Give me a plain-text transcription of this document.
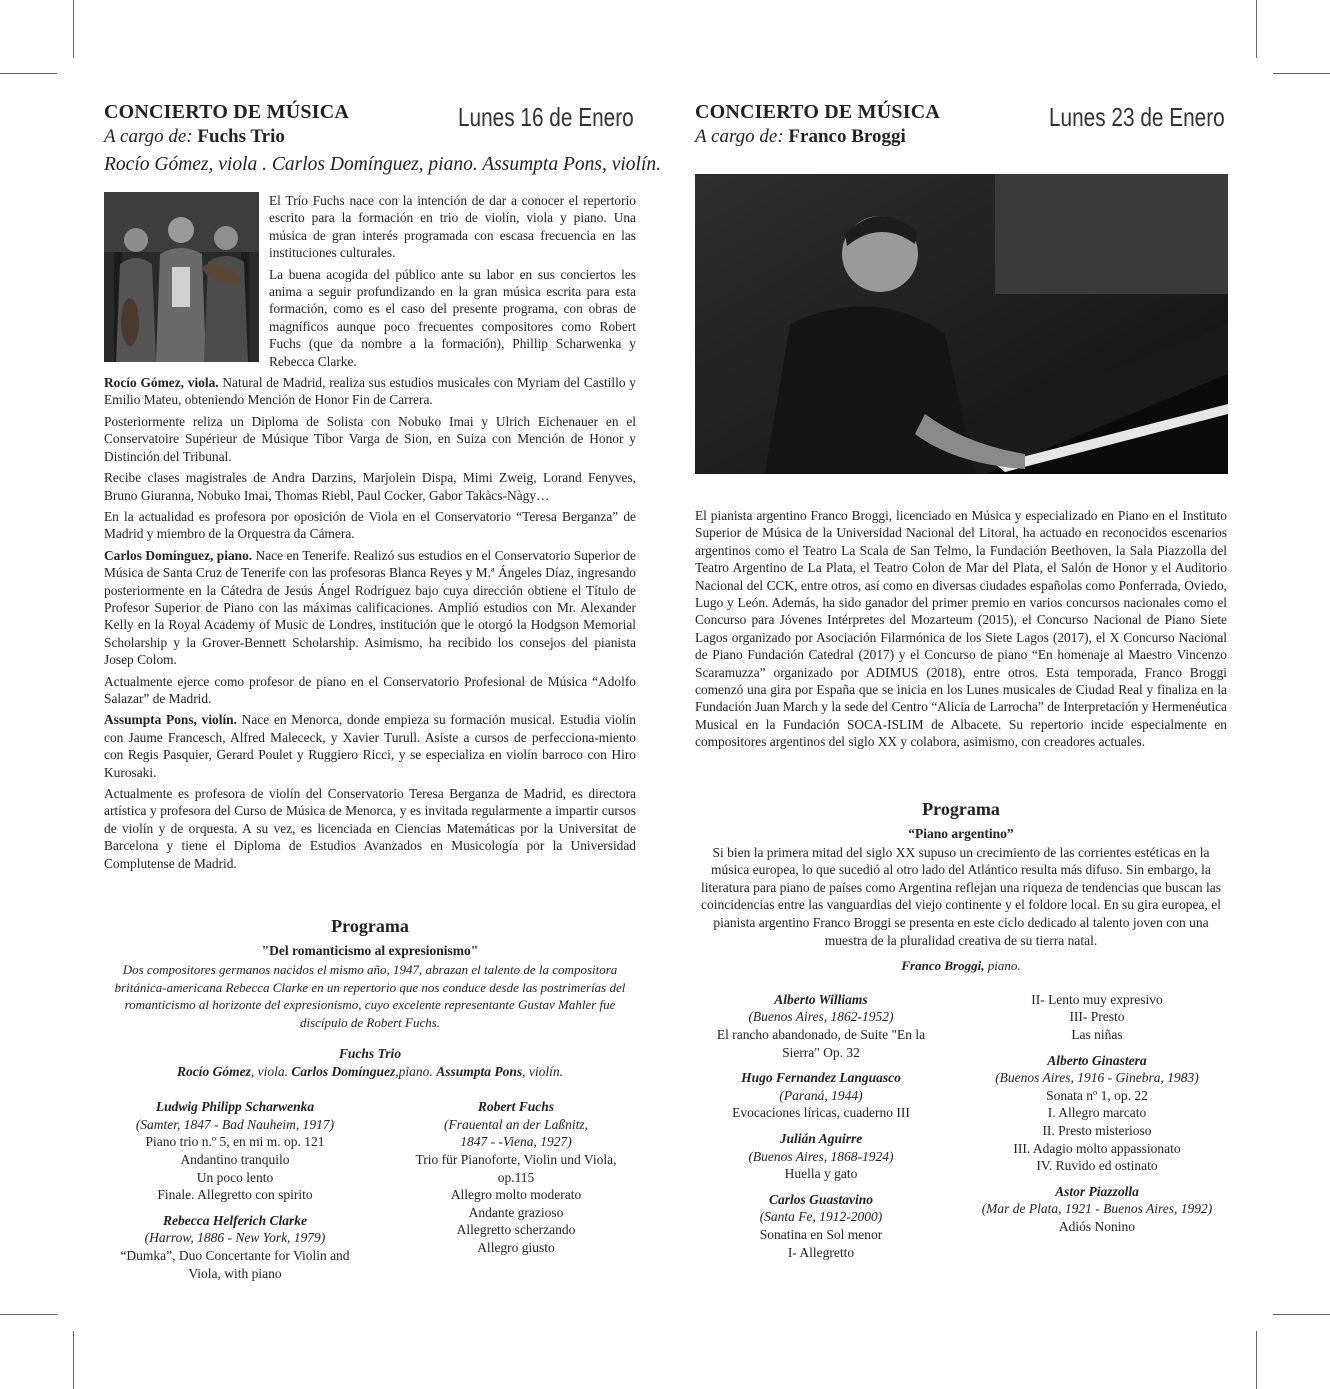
CONCIERTO DE MÚSICA
A cargo de: Fuchs Trio
Lunes 16 de Enero
Rocío Gómez, viola . Carlos Domínguez, piano. Assumpta Pons, violín.

El Trío Fuchs nace con la intención de dar a conocer el repertorio escrito para la formación en trio de violín, viola y piano. Una música de gran interés programada con escasa frecuencia en las instituciones culturales.

La buena acogida del público ante su labor en sus conciertos les anima a seguir profundizando en la gran música escrita para esta formación, como es el caso del presente programa, con obras de magníficos aunque poco frecuentes compositores como Robert Fuchs (que da nombre a la formación), Phillip Scharwenka y Rebecca Clarke.

Rocío Gómez, viola. Natural de Madrid, realiza sus estudios musicales con Myriam del Castillo y Emilio Mateu, obteniendo Mención de Honor Fin de Carrera.

Posteriormente reliza un Diploma de Solista con Nobuko Imai y Ulrich Eichenauer en el Conservatoire Supérieur de Músique Tibor Varga de Sion, en Suiza con Mención de Honor y Distinción del Tribunal.

Recibe clases magistrales de Andra Darzins, Marjolein Dispa, Mimi Zweig, Lorand Fenyves, Bruno Giuranna, Nobuko Imai, Thomas Riebl, Paul Cocker, Gabor Takàcs-Nàgy…

En la actualidad es profesora por oposición de Viola en el Conservatorio “Teresa Berganza” de Madrid y miembro de la Orquestra da Cámera.

Carlos Domínguez, piano. Nace en Tenerife. Realizó sus estudios en el Conservatorio Superior de Música de Santa Cruz de Tenerife con las profesoras Blanca Reyes y M.ª Ángeles Díaz, ingresando posteriormente en la Cátedra de Jesús Ángel Rodríguez bajo cuya dirección obtiene el Título de Profesor Superior de Piano con las máximas calificaciones. Amplió estudios con Mr. Alexander Kelly en la Royal Academy of Music de Londres, institución que le otorgó la Hodgson Memorial Scholarship y la Grover-Bennett Scholarship. Asimismo, ha recibido los consejos del pianista Josep Colom.

Actualmente ejerce como profesor de piano en el Conservatorio Profesional de Música “Adolfo Salazar” de Madrid.

Assumpta Pons, violín. Nace en Menorca, donde empieza su formación musical. Estudia violín con Jaume Francesch, Alfred Malececk, y Xavier Turull. Asiste a cursos de perfecciona-miento con Regis Pasquier, Gerard Poulet y Ruggiero Ricci, y se especializa en violín barroco con Hiro Kurosaki.

Actualmente es profesora de violín del Conservatorio Teresa Berganza de Madrid, es directora artística y profesora del Curso de Música de Menorca, y es invitada regularmente a impartir cursos de violín y de orquesta. A su vez, es licenciada en Ciencias Matemáticas por la Universitat de Barcelona y tiene el Diploma de Estudios Avanzados en Musicología por la Universidad Complutense de Madrid.

Programa
"Del romanticismo al expresionismo"

Dos compositores germanos nacidos el mismo año, 1947, abrazan el talento de la compositora británica-americana Rebecca Clarke en un repertorio que nos conduce desde las postrimerías del romanticismo al horizonte del expresionismo, cuyo excelente representante Gustav Mahler fue discípulo de Robert Fuchs.

Fuchs Trio
Rocío Gómez, viola. Carlos Domínguez,piano. Assumpta Pons, violín.
Ludwig Philipp Scharwenka
(Samter, 1847 - Bad Nauheim, 1917)
Piano trio n.º 5, en mi m. op. 121
Andantino tranquilo
Un poco lento
Finale. Allegretto con spirito
Rebecca Helferich Clarke
(Harrow, 1886 - New York, 1979)
“Dumka”, Duo Concertante for Violin and
Viola, with piano
Robert Fuchs
(Frauental an der Laßnitz,
1847 - -Viena, 1927)
Trio für Pianoforte, Violin und Viola,
op.115
Allegro molto moderato
Andante grazioso
Allegretto scherzando
Allegro giusto
CONCIERTO DE MÚSICA
A cargo de: Franco Broggi
Lunes 23 de Enero

El pianista argentino Franco Broggi, licenciado en Música y especializado en Piano en el Instituto Superior de Música de la Universidad Nacional del Litoral, ha actuado en reconocidos escenarios argentinos como el Teatro La Scala de San Telmo, la Fundación Beethoven, la Sala Piazzolla del Teatro Argentino de La Plata, el Teatro Colon de Mar del Plata, el Salón de Honor y el Auditorio Nacional del CCK, entre otros, así como en diversas ciudades españolas como Ponferrada, Oviedo, Lugo y León. Además, ha sido ganador del primer premio en varios concursos nacionales como el Concurso para Jóvenes Intérpretes del Mozarteum (2015), el Concurso Nacional de Piano Siete Lagos organizado por Asociación Filarmónica de los Siete Lagos (2017), el X Concurso Nacional de Piano Fundación Catedral (2017) y el Concurso de piano “En homenaje al Maestro Vincenzo Scaramuzza” organizado por ADIMUS (2018), entre otros. Esta temporada, Franco Broggi comenzó una gira por España que se inicia en los Lunes musicales de Ciudad Real y finaliza en la Fundación Juan March y la sede del Centro “Alicia de Larrocha” de Interpretación y Hermenéutica Musical en la Fundación SOCA-ISLIM de Albacete. Su repertorio incide especialmente en compositores argentinos del siglo XX y colabora, asimismo, con creadores actuales.

Programa
“Piano argentino”

Si bien la primera mitad del siglo XX supuso un crecimiento de las corrientes estéticas en la música europea, lo que sucedió al otro lado del Atlántico resulta más difuso. Sin embargo, la literatura para piano de países como Argentina reflejan una riqueza de tendencias que buscan las coincidencias entre las vanguardias del viejo continente y el foldore local. En su gira europea, el pianista argentino Franco Broggi se presenta en este ciclo dedicado al talento joven con una muestra de la pluralidad creativa de su tierra natal.

Franco Broggi, piano.
Alberto Williams
(Buenos Aires, 1862-1952)
El rancho abandonado, de Suite "En la
Sierra" Op. 32
Hugo Fernandez Languasco
(Paraná, 1944)
Evocaciones líricas, cuaderno III
Julián Aguirre
(Buenos Aires, 1868-1924)
Huella y gato
Carlos Guastavino
(Santa Fe, 1912-2000)
Sonatina en Sol menor
I- Allegretto
II- Lento muy expresivo
III- Presto
Las niñas
Alberto Ginastera
(Buenos Aires, 1916 - Ginebra, 1983)
Sonata nº 1, op. 22
I. Allegro marcato
II. Presto misterioso
III. Adagio molto appassionato
IV. Ruvido ed ostinato
Astor Piazzolla
(Mar de Plata, 1921 - Buenos Aires, 1992)
Adiós Nonino
